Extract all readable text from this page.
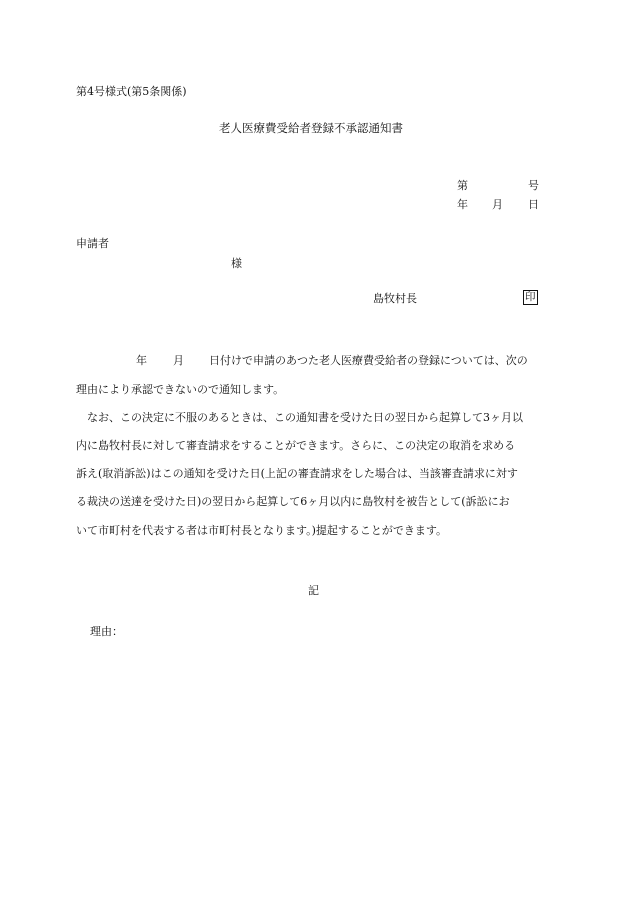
第4号様式(第5条関係)
老人医療費受給者登録不承認通知書
第	号
年 月 日
申請者
様
島牧村長	印
年 月 日付けで申請のあつた老人医療費受給者の登録については、次の
理由により承認できないので通知します。
なお、この決定に不服のあるときは、この通知書を受けた日の翌日から起算して3ヶ月以
内に島牧村長に対して審査請求をすることができます。さらに、この決定の取消を求める
訴え(取消訴訟)はこの通知を受けた日(上記の審査請求をした場合は、当該審査請求に対す
る裁決の送達を受けた日)の翌日から起算して6ヶ月以内に島牧村を被告として(訴訟にお
いて市町村を代表する者は市町村長となります。)提起することができます。
記
理由：
